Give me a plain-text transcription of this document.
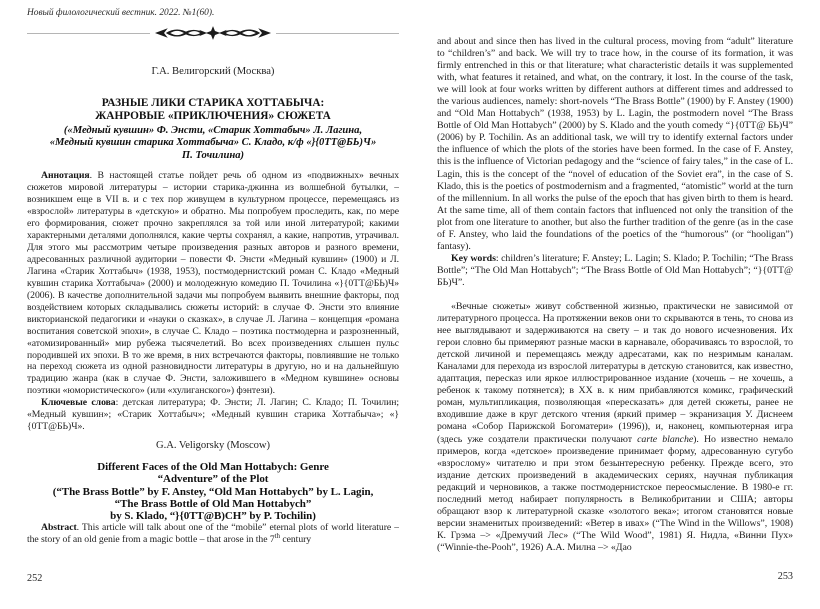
Новый филологический вестник. 2022. №1(60).
Г.А. Велигорский (Москва)
РАЗНЫЕ ЛИКИ СТАРИКА ХОТТАБЫЧА:
ЖАНРОВЫЕ «ПРИКЛЮЧЕНИЯ» СЮЖЕТА
(«Медный кувшин» Ф. Энсти, «Старик Хоттабыч» Л. Лагина,
«Медный кувшин старика Хоттабыча» С. Кладо, к/ф «}{0ТТ@БЬ)Ч»
П. Точилина)

Аннотация. В настоящей статье пойдет речь об одном из «подвижных» вечных сюжетов мировой литературы – истории старика-джинна из волшебной бутылки, – возникшем еще в VII в. и с тех пор живущем в культурном процессе, перемещаясь из «взрослой» литературы в «детскую» и обратно. Мы попробуем проследить, как, по мере его формирования, сюжет прочно закреплялся за той или иной литературой; какими характерными деталями дополнялся, какие черты сохранял, а какие, напротив, утрачивал. Для этого мы рассмотрим четыре произведения разных авторов и разного времени, адресованных различной аудитории – повести Ф. Энсти «Медный кувшин» (1900) и Л. Лагина «Старик Хоттабыч» (1938, 1953), постмодернистский роман С. Кладо «Медный кувшин старика Хоттабыча» (2000) и молодежную комедию П. Точилина «}{0ТТ@БЬ)Ч» (2006). В качестве дополнительной задачи мы попробуем выявить внешние факторы, под воздействием которых складывались сюжеты историй: в случае Ф. Энсти это влияние викторианской педагогики и «науки о сказках», в случае Л. Лагина – концепция «романа воспитания советской эпохи», в случае С. Кладо – поэтика постмодерна и разрозненный, «атомизированный» мир рубежа тысячелетий. Во всех произведениях слышен пульс породившей их эпохи. В то же время, в них встречаются факторы, повлиявшие не только на переход сюжета из одной разновидности литературы в другую, но и на дальнейшую традицию жанра (как в случае Ф. Энсти, заложившего в «Медном кувшине» основы поэтики «юмористического» (или «хулиганского») фэнтези).

Ключевые слова: детская литература; Ф. Энсти; Л. Лагин; С. Кладо; П. Точилин; «Медный кувшин»; «Старик Хоттабыч»; «Медный кувшин старика Хоттабыча»; «}{0ТТ@БЬ)Ч».

G.A. Veligorsky (Moscow)
Different Faces of the Old Man Hottabych: Genre
“Adventure” of the Plot
(“The Brass Bottle” by F. Anstey, “Old Man Hottabych” by L. Lagin,
“The Brass Bottle of Old Man Hottabych”
by S. Klado, “}{0TT@B)CH” by P. Tochilin)

Abstract. This article will talk about one of the “mobile” eternal plots of world literature – the story of an old genie from a magic bottle – that arose in the 7th century

252

and about and since then has lived in the cultural process, moving from “adult” literature to “children’s” and back. We will try to trace how, in the course of its formation, it was firmly entrenched in this or that literature; what characteristic details it was supplemented with, what features it retained, and what, on the contrary, it lost. In the course of the task, we will look at four works written by different authors at different times and addressed to the various audiences, namely: short-novels “The Brass Bottle” (1900) by F. Anstey (1900) and “Old Man Hottabych” (1938, 1953) by L. Lagin, the postmodern novel “The Brass Bottle of Old Man Hottabych” (2000) by S. Klado and the youth comedy “}{0TT@ БЬ)Ч” (2006) by P. Tochilin. As an additional task, we will try to identify external factors under the influence of which the plots of the stories have been formed. In the case of F. Anstey, this is the influence of Victorian pedagogy and the “science of fairy tales,” in the case of L. Lagin, this is the concept of the “novel of education of the Soviet era”, in the case of S. Klado, this is the poetics of postmodernism and a fragmented, “atomistic” world at the turn of the millennium. In all works the pulse of the epoch that has given birth to them is heard. At the same time, all of them contain factors that influenced not only the transition of the plot from one literature to another, but also the further tradition of the genre (as in the case of F. Anstey, who laid the foundations of the poetics of the “humorous” (or “hooligan”) fantasy).

Key words: children’s literature; F. Anstey; L. Lagin; S. Klado; P. Tochilin; “The Brass Bottle”; “The Old Man Hottabych”; “The Brass Bottle of Old Man Hottabych”; “}{0TT@ БЬ)Ч”.

«Вечные сюжеты» живут собственной жизнью, практически не зависимой от литературного процесса. На протяжении веков они то скрываются в тень, то снова из нее выглядывают и задерживаются на свету – и так до нового исчезновения. Их герои словно бы примеряют разные маски в карнавале, оборачиваясь то взрослой, то детской личиной и перемещаясь между адресатами, как по незримым каналам. Каналами для перехода из взрослой литературы в детскую становится, как известно, адаптация, пересказ или яркое иллюстрированное издание (хочешь – не хочешь, а ребенок к такому потянется); в ХХ в. к ним прибавляются комикс, графический роман, мультипликация, позволяющая «пересказать» для детей сюжеты, ранее не входившие даже в круг детского чтения (яркий пример – экранизация У. Диснеем романа «Собор Парижской Богоматери» (1996)), и, наконец, компьютерная игра (здесь уже создатели практически получают carte blanche). Но известно немало примеров, когда «детское» произведение принимает форму, адресованную сугубо «взрослому» читателю и при этом безынтересную ребенку. Прежде всего, это издание детских произведений в академических сериях, научная публикация редакций и черновиков, а также постмодернистское переосмысление. В 1980-е гг. последний метод набирает популярность в Великобритании и США; авторы обращают взор к литературной сказке «золотого века»; итогом становятся новые версии знаменитых произведений: «Ветер в ивах» (“The Wind in the Willows”, 1908) К. Грэма –> «Дремучий Лес» (“The Wild Wood”, 1981) Я. Нидла, «Винни Пух» (“Winnie-the-Pooh”, 1926) А.А. Милна –> «Дао

253
